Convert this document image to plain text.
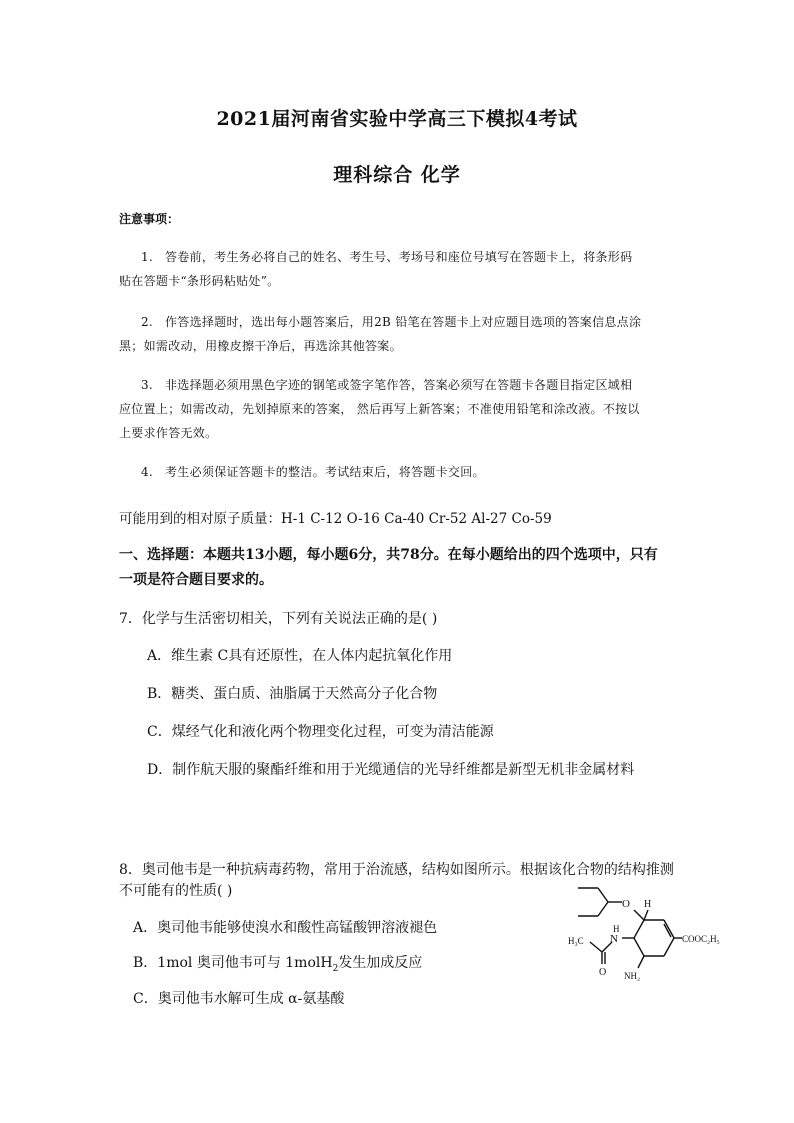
2021届河南省实验中学高三下模拟4考试
理科综合 化学
注意事项：
1. 答卷前，考生务必将自己的姓名、考生号、考场号和座位号填写在答题卡上，将条形码
贴在答题卡“条形码粘贴处”。
2. 作答选择题时，选出每小题答案后，用2B 铅笔在答题卡上对应题目选项的答案信息点涂
黑；如需改动，用橡皮擦干净后，再选涂其他答案。
3. 非选择题必须用黑色字迹的钢笔或签字笔作答，答案必须写在答题卡各题目指定区域相
应位置上；如需改动，先划掉原来的答案， 然后再写上新答案；不准使用铅笔和涂改液。不按以
上要求作答无效。
4. 考生必须保证答题卡的整洁。考试结束后，将答题卡交回。
可能用到的相对原子质量：H-1 C-12 O-16 Ca-40 Cr-52 Al-27 Co-59
一、选择题：本题共13小题，每小题6分，共78分。在每小题给出的四个选项中，只有
一项是符合题目要求的。
7．化学与生活密切相关，下列有关说法正确的是( )
A．维生素 C具有还原性，在人体内起抗氧化作用
B．糖类、蛋白质、油脂属于天然高分子化合物
C．煤经气化和液化两个物理变化过程，可变为清洁能源
D．制作航天服的聚酯纤维和用于光缆通信的光导纤维都是新型无机非金属材料
8．奥司他韦是一种抗病毒药物，常用于治流感，结构如图所示。根据该化合物的结构推测
不可能有的性质( )
A．奥司他韦能够使溴水和酸性高锰酸钾溶液褪色
B．1mol 奥司他韦可与 1molH$_2$发生加成反应
C．奥司他韦水解可生成 α-氨基酸
O H
N
H
H₃C
O NH₂
COOC₂H₅
